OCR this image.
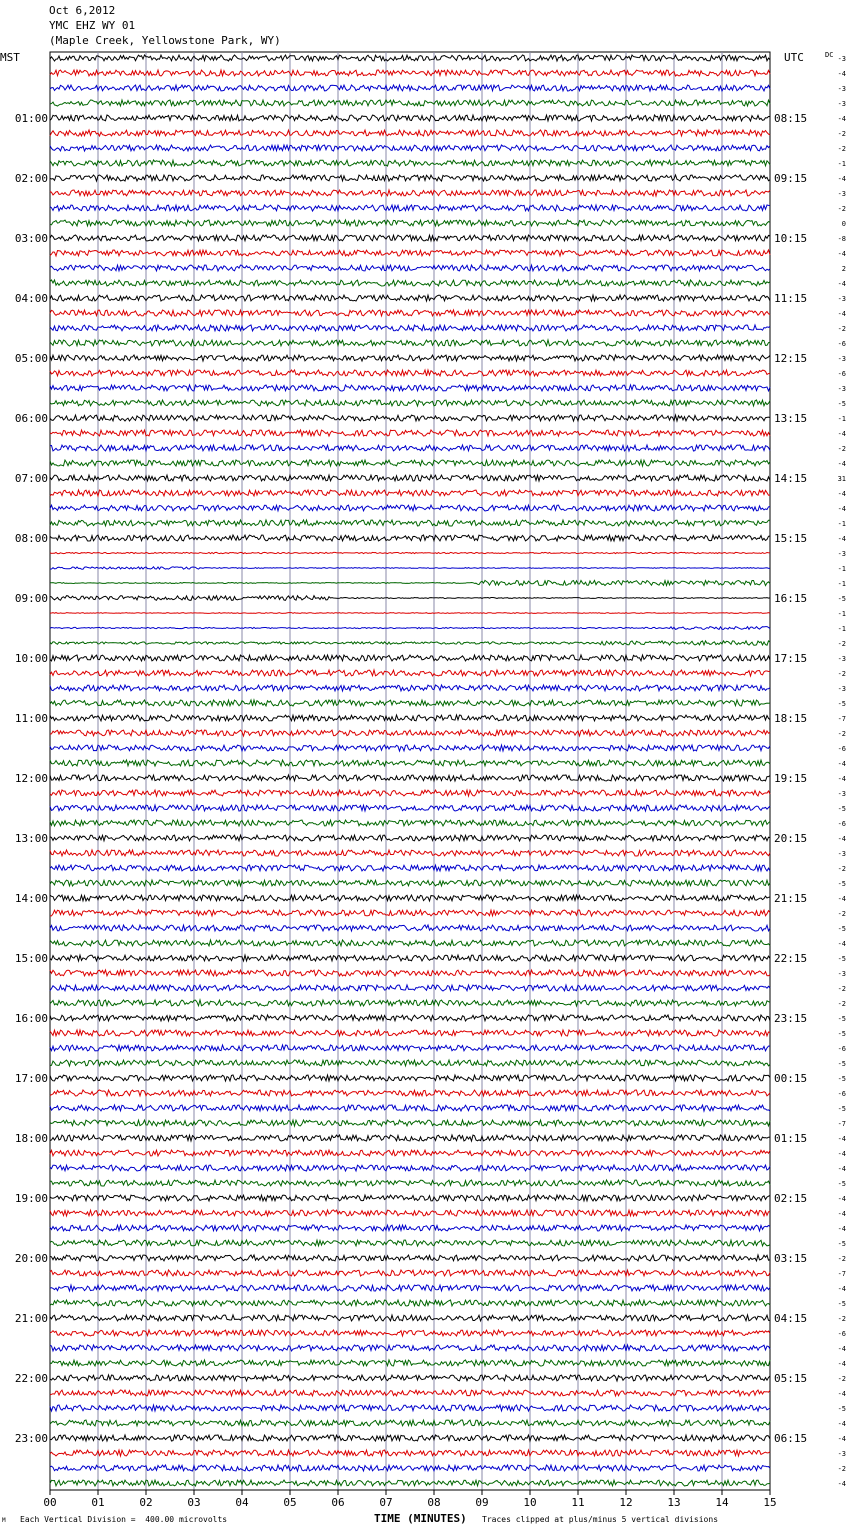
Oct 6,2012
YMC EHZ WY 01
(Maple Creek, Yellowstone Park, WY)
MST	UTC	DC
01:00
02:00
03:00
04:00
05:00
06:00
07:00
08:00
09:00
10:00
11:00
12:00
13:00
14:00
15:00
16:00
17:00
18:00
19:00
20:00
21:00
22:00
23:00
08:15
09:15
10:15
11:15
12:15
13:15
14:15
15:15
16:15
17:15
18:15
19:15
20:15
21:15
22:15
23:15
00:15
01:15
02:15
03:15
04:15
05:15
06:15
-3
-4
-3
-3
-4
-2
-2
-1
-4
-3
-2
0
-8
-4
2
-4
-3
-4
-2
-6
-3
-6
-3
-5
-1
-4
-2
-4
31
-4
-4
-1
-4
-3
-1
-1
-5
-1
-1
-2
-3
-2
-3
-5
-7
-2
-6
-4
-4
-3
-5
-6
-4
-3
-2
-5
-4
-2
-5
-4
-5
-3
-2
-2
-5
-5
-6
-5
-5
-6
-5
-7
-4
-4
-4
-5
-4
-4
-4
-5
-2
-7
-4
-5
-2
-6
-4
-4
-2
-4
-5
-4
-4
-3
-2
-4
00	01	02	03	04	05	06	07	08	09	10	11	12	13	14	15
M Each Vertical Division =  400.00 microvolts	TIME (MINUTES) Traces clipped at plus/minus 5 vertical divisions
